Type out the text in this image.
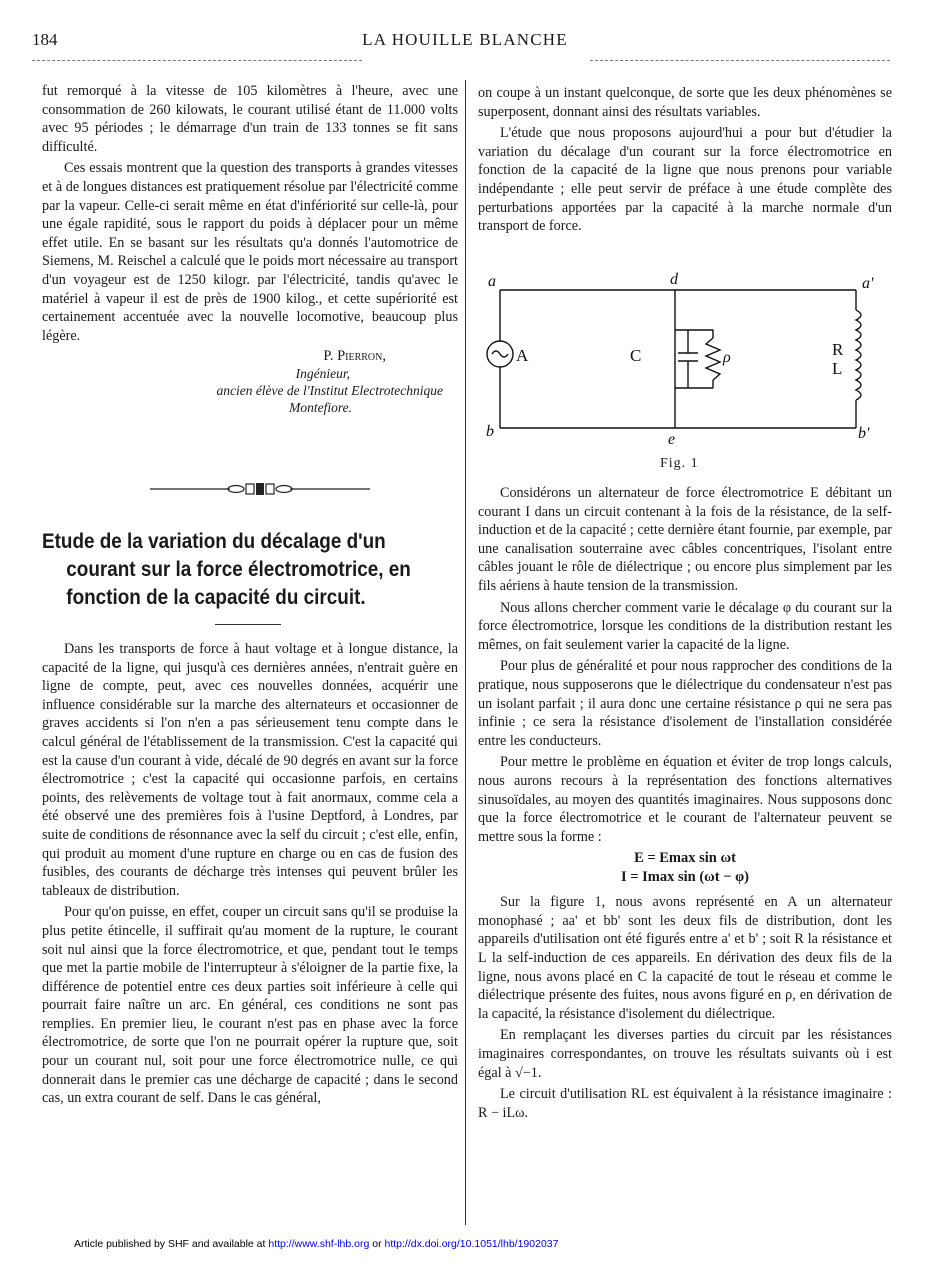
184	LA HOUILLE BLANCHE

fut remorqué à la vitesse de 105 kilomètres à l'heure, avec une consommation de 260 kilowats, le courant utilisé étant de 11.000 volts avec 95 périodes ; le démarrage d'un train de 133 tonnes se fit sans difficulté.

Ces essais montrent que la question des transports à grandes vitesses et à de longues distances est pratiquement résolue par l'électricité comme par la vapeur. Celle-ci serait même en état d'infériorité sur celle-là, pour une égale rapidité, sous le rapport du poids à déplacer pour un même effet utile. En se basant sur les résultats qu'a donnés l'automotrice de Siemens, M. Reischel a calculé que le poids mort nécessaire au transport d'un voyageur est de 1250 kilogr. par l'électricité, tandis qu'avec le matériel à vapeur il est de près de 1900 kilog., et cette supériorité est certainement accentuée avec la nouvelle locomotive, beaucoup plus légère.

P. Pierron,
Ingénieur,
ancien élève de l'Institut Electrotechnique
Montefiore.
Etude de la variation du décalage d'un
courant sur la force électromotrice, en
fonction de la capacité du circuit.

Dans les transports de force à haut voltage et à longue distance, la capacité de la ligne, qui jusqu'à ces dernières années, n'entrait guère en ligne de compte, peut, avec ces nouvelles données, acquérir une influence considérable sur la marche des alternateurs et occasionner de graves accidents si l'on n'en a pas sérieusement tenu compte dans le calcul général de l'établissement de la transmission. C'est la capacité qui est la cause d'un courant à vide, décalé de 90 degrés en avant sur la force électromotrice ; c'est la capacité qui occasionne parfois, en certains points, des relèvements de voltage tout à fait anormaux, comme cela a été observé une des premières fois à l'usine Deptford, à Londres, par suite de conditions de résonnance avec la self du circuit ; c'est elle, enfin, qui produit au moment d'une rupture en charge ou en cas de fusion des fusibles, des courants de décharge très intenses qui peuvent brûler les tableaux de distribution.

Pour qu'on puisse, en effet, couper un circuit sans qu'il se produise la plus petite étincelle, il suffirait qu'au moment de la rupture, le courant soit nul ainsi que la force électromotrice, et que, pendant tout le temps que met la partie mobile de l'interrupteur à s'éloigner de la partie fixe, la différence de potentiel entre ces deux parties soit inférieure à celle qui pourrait faire naître un arc. En général, ces conditions ne sont pas remplies. En premier lieu, le courant n'est pas en phase avec la force électromotrice, de sorte que l'on ne pourrait opérer la rupture que, soit pour un courant nul, soit pour une force électromotrice nulle, ce qui donnerait dans le premier cas une décharge de capacité ; dans le second cas, un extra courant de self. Dans le cas général,

on coupe à un instant quelconque, de sorte que les deux phénomènes se superposent, donnant ainsi des résultats variables.

L'étude que nous proposons aujourd'hui a pour but d'étudier la variation du décalage d'un courant sur la force électromotrice en fonction de la capacité de la ligne que nous prenons pour variable indépendante ; elle peut servir de préface à une étude complète des perturbations apportées par la capacité à la marche normale d'un transport de force.

a	d	a'
b	e	b'
ρ
A	C	R
L
Fig. 1

Considérons un alternateur de force électromotrice E débitant un courant I dans un circuit contenant à la fois de la résistance, de la self-induction et de la capacité ; cette dernière étant fournie, par exemple, par une canalisation souterraine avec câbles concentriques, l'isolant entre câbles jouant le rôle de diélectrique ; ou encore plus simplement par les fils aériens à haute tension de la transmission.

Nous allons chercher comment varie le décalage φ du courant sur la force électromotrice, lorsque les conditions de la distribution restant les mêmes, on fait seulement varier la capacité de la ligne.

Pour plus de généralité et pour nous rapprocher des conditions de la pratique, nous supposerons que le diélectrique du condensateur n'est pas un isolant parfait ; il aura donc une certaine résistance ρ qui ne sera pas infinie ; ce sera la résistance d'isolement de l'installation considérée entre les conducteurs.

Pour mettre le problème en équation et éviter de trop longs calculs, nous aurons recours à la représentation des fonctions alternatives sinusoïdales, au moyen des quantités imaginaires. Nous supposons donc que la force électromotrice et le courant de l'alternateur peuvent se mettre sous la forme :

E = Emax sin ωt
I = Imax sin (ωt − φ)

Sur la figure 1, nous avons représenté en A un alternateur monophasé ; aa' et bb' sont les deux fils de distribution, dont les appareils d'utilisation ont été figurés entre a' et b' ; soit R la résistance et L la self-induction de ces appareils. En dérivation des deux fils de la ligne, nous avons placé en C la capacité de tout le réseau et comme le diélectrique présente des fuites, nous avons figuré en ρ, en dérivation de la capacité, la résistance d'isolement du diélectrique.

En remplaçant les diverses parties du circuit par les résistances imaginaires correspondantes, on trouve les résultats suivants où i est égal à √−1.

Le circuit d'utilisation RL est équivalent à la résistance imaginaire : R − iLω.

Article published by SHF and available at http://www.shf-lhb.org or http://dx.doi.org/10.1051/lhb/1902037
